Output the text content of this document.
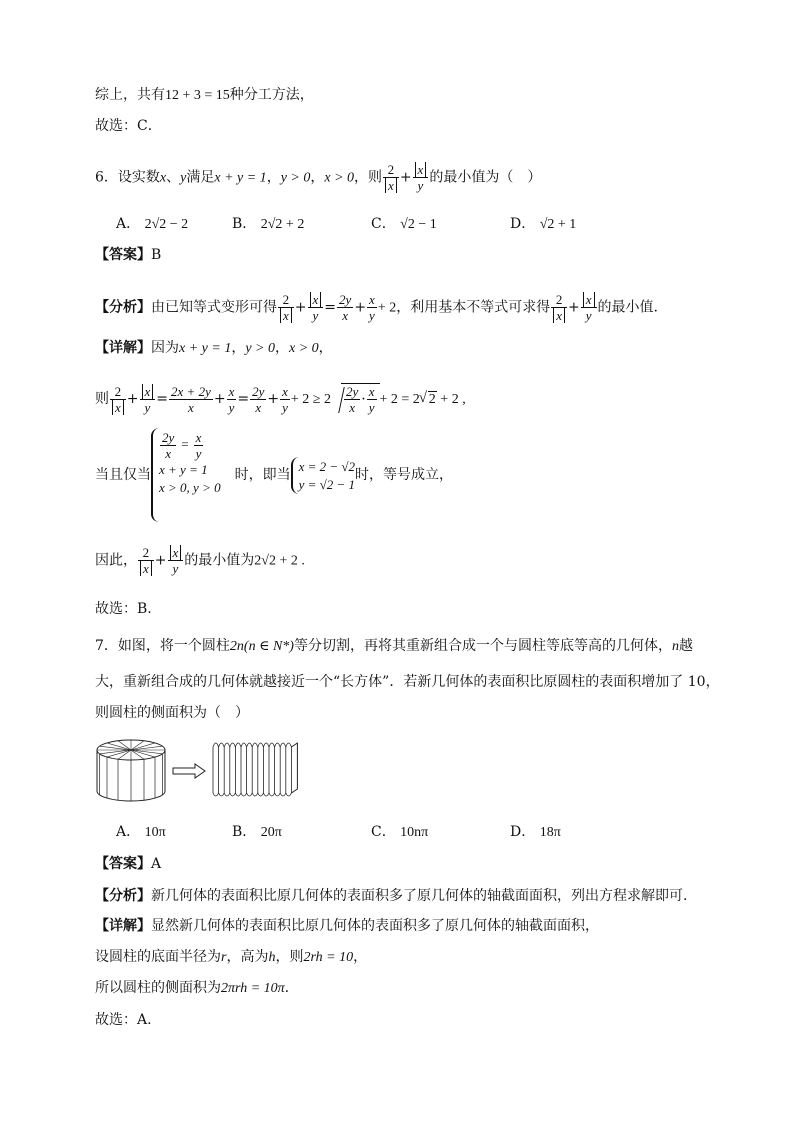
综上，共有12 + 3 = 15种分工方法，
故选：C．
6．设实数x、y满足x + y = 1，y > 0，x > 0，则 $\frac{2}{x} + \frac{x}{y}$ 的最小值为（　）
A． 2√2 − 2	B． 2√2 + 2	C． √2 − 1	D． √2 + 1
【答案】B
【分析】由已知等式变形可得 $\frac{2}{x} + \frac{x}{y} = \frac{2y}{x} + \frac{x}{y} + 2$，利用基本不等式可求得 $\frac{2}{x} + \frac{x}{y}$ 的最小值.
【详解】因为x + y = 1，y > 0，x > 0，
则 $\frac{2}{x} + \frac{x}{y} = \frac{2x + 2y}{x} + \frac{x}{y} = \frac{2y}{x} + \frac{x}{y} + 2 \ge 2 \frac{2y}{x} \cdot \frac{x}{y} + 2 = 2√$ 2 + 2 ,
当且仅当
$\frac{2y}{x} = \frac{x}{y}$
x + y = 1
x > 0, y > 0
时，即当
x = 2 − √2
y = √2 − 1
时，等号成立，
因此， $\frac{2}{x} + \frac{x}{y}$ 的最小值为2√2 + 2 .
故选：B.
7．如图，将一个圆柱2n(n ∈ N*)等分切割，再将其重新组合成一个与圆柱等底等高的几何体，n越
大，重新组合成的几何体就越接近一个“长方体”．若新几何体的表面积比原圆柱的表面积增加了 10，
则圆柱的侧面积为（　）
A． 10π	B． 20π	C． 10nπ	D． 18π
【答案】A
【分析】新几何体的表面积比原几何体的表面积多了原几何体的轴截面面积，列出方程求解即可.
【详解】显然新几何体的表面积比原几何体的表面积多了原几何体的轴截面面积，
设圆柱的底面半径为r，高为h，则2rh = 10，
所以圆柱的侧面积为2πrh = 10π.
故选：A.
